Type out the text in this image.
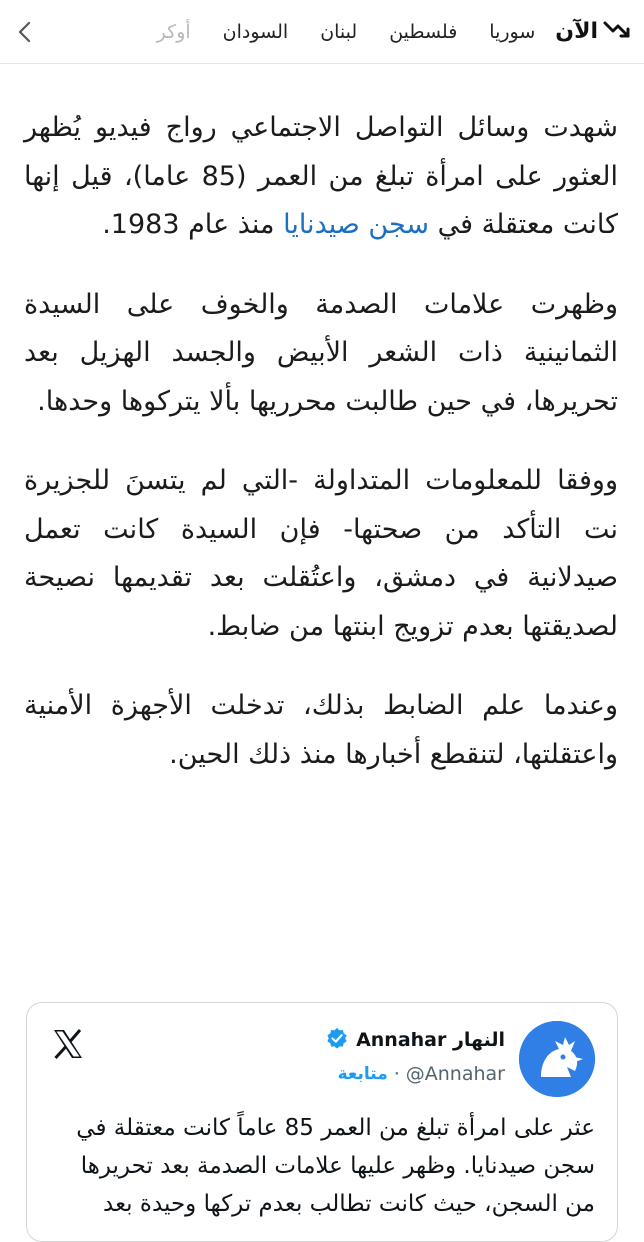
الآن
سوريا
فلسطين
لبنان
السودان
أوكر

شهدت وسائل التواصل الاجتماعي رواج فيديو يُظهر العثور على امرأة تبلغ من العمر (85 عاما)، قيل إنها كانت معتقلة في سجن صيدنايا منذ عام 1983.

وظهرت علامات الصدمة والخوف على السيدة الثمانينية ذات الشعر الأبيض والجسد الهزيل بعد تحريرها، في حين طالبت محرريها بألا يتركوها وحدها.

ووفقا للمعلومات المتداولة -التي لم يتسنَ للجزيرة نت التأكد من صحتها- فإن السيدة كانت تعمل صيدلانية في دمشق، واعتُقلت بعد تقديمها نصيحة لصديقتها بعدم تزويج ابنتها من ضابط.

وعندما علم الضابط بذلك، تدخلت الأجهزة الأمنية واعتقلتها، لتنقطع أخبارها منذ ذلك الحين.

النهار Annahar
@Annahar
·
متابعة

عثر على امرأة تبلغ من العمر 85 عاماً كانت معتقلة في سجن صيدنايا. وظهر عليها علامات الصدمة بعد تحريرها من السجن، حيث كانت تطالب بعدم تركها وحيدة بعد
